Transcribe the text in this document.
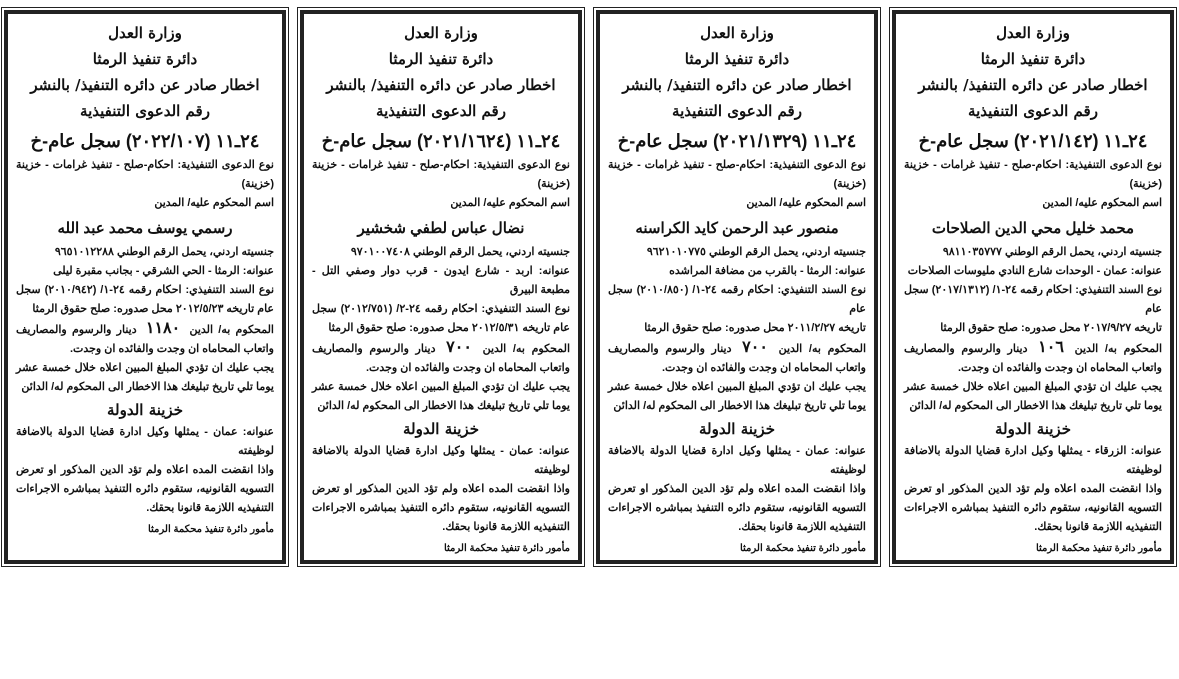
وزارة العدل
دائرة تنفيذ الرمثا
اخطار صادر عن دائره التنفيذ/ بالنشر
رقم الدعوى التنفيذية
٢٤ـ١١ (٢٠٢٢/١٠٧) سجل عام-خ
نوع الدعوى التنفيذية: احكام-صلح - تنفيذ غرامات - خزينة (خزينة)
اسم المحكوم عليه/ المدين
رسمي يوسف محمد عبد الله
جنسيته اردني، يحمل الرقم الوطني ٩٦٥١٠١٢٢٨٨
عنوانه: الرمثا - الحي الشرقي - بجانب مقبرة ليلى
نوع السند التنفيذي: احكام رقمه ٢٤-١/ (٢٠١٠/٩٤٢) سجل عام تاريخه ٢٠١٢/٥/٢٣ محل صدوره: صلح حقوق الرمثا
المحكوم به/ الدين ١١٨٠ دينار والرسوم والمصاريف واتعاب المحاماه ان وجدت والفائده ان وجدت.
يجب عليك ان تؤدي المبلغ المبين اعلاه خلال خمسة عشر يوما تلي تاريخ تبليغك هذا الاخطار الى المحكوم له/ الدائن
خزينة الدولة
عنوانه: عمان - يمثلها وكيل ادارة قضايا الدولة بالاضافة لوظيفته
واذا انقضت المده اعلاه ولم تؤد الدين المذكور او تعرض التسويه القانونيه، ستقوم دائره التنفيذ بمباشره الاجراءات التنفيذيه اللازمة قانونا بحقك.
مأمور دائرة تنفيذ محكمة الرمثا
وزارة العدل
دائرة تنفيذ الرمثا
اخطار صادر عن دائره التنفيذ/ بالنشر
رقم الدعوى التنفيذية
٢٤ـ١١ (٢٠٢١/١٦٢٤) سجل عام-خ
نوع الدعوى التنفيذية: احكام-صلح - تنفيذ غرامات - خزينة (خزينة)
اسم المحكوم عليه/ المدين
نضال عباس لطفي شخشير
جنسيته اردني، يحمل الرقم الوطني ٩٧٠١٠٠٧٤٠٨
عنوانه: اربد - شارع ايدون - قرب دوار وصفي التل - مطبعة البيرق
نوع السند التنفيذي: احكام رقمه ٢٤-٢/ (٢٠١٢/٧٥١) سجل عام تاريخه ٢٠١٢/٥/٣١ محل صدوره: صلح حقوق الرمثا
المحكوم به/ الدين ٧٠٠ دينار والرسوم والمصاريف واتعاب المحاماه ان وجدت والفائده ان وجدت.
يجب عليك ان تؤدي المبلغ المبين اعلاه خلال خمسة عشر يوما تلي تاريخ تبليغك هذا الاخطار الى المحكوم له/ الدائن
خزينة الدولة
عنوانه: عمان - يمثلها وكيل ادارة قضايا الدولة بالاضافة لوظيفته
واذا انقضت المده اعلاه ولم تؤد الدين المذكور او تعرض التسويه القانونيه، ستقوم دائره التنفيذ بمباشره الاجراءات التنفيذيه اللازمة قانونا بحقك.
مأمور دائرة تنفيذ محكمة الرمثا
وزارة العدل
دائرة تنفيذ الرمثا
اخطار صادر عن دائره التنفيذ/ بالنشر
رقم الدعوى التنفيذية
٢٤ـ١١ (٢٠٢١/١٣٢٩) سجل عام-خ
نوع الدعوى التنفيذية: احكام-صلح - تنفيذ غرامات - خزينة (خزينة)
اسم المحكوم عليه/ المدين
منصور عبد الرحمن كايد الكراسنه
جنسيته اردني، يحمل الرقم الوطني ٩٦٢١٠١٠٧٧٥
عنوانه: الرمثا - بالقرب من مضافة المراشده
نوع السند التنفيذي: احكام رقمه ٢٤-١/ (٢٠١٠/٨٥٠) سجل عام
تاريخه ٢٠١١/٢/٢٧ محل صدوره: صلح حقوق الرمثا
المحكوم به/ الدين ٧٠٠ دينار والرسوم والمصاريف واتعاب المحاماه ان وجدت والفائده ان وجدت.
يجب عليك ان تؤدي المبلغ المبين اعلاه خلال خمسة عشر يوما تلي تاريخ تبليغك هذا الاخطار الى المحكوم له/ الدائن
خزينة الدولة
عنوانه: عمان - يمثلها وكيل ادارة قضايا الدولة بالاضافة لوظيفته
واذا انقضت المده اعلاه ولم تؤد الدين المذكور او تعرض التسويه القانونيه، ستقوم دائره التنفيذ بمباشره الاجراءات التنفيذيه اللازمة قانونا بحقك.
مأمور دائرة تنفيذ محكمة الرمثا
وزارة العدل
دائرة تنفيذ الرمثا
اخطار صادر عن دائره التنفيذ/ بالنشر
رقم الدعوى التنفيذية
٢٤ـ١١ (٢٠٢١/١٤٢) سجل عام-خ
نوع الدعوى التنفيذية: احكام-صلح - تنفيذ غرامات - خزينة (خزينة)
اسم المحكوم عليه/ المدين
محمد خليل محي الدين الصلاحات
جنسيته اردني، يحمل الرقم الوطني ٩٨١١٠٣٥٧٧٧
عنوانه: عمان - الوحدات شارع النادي مليوسات الصلاحات
نوع السند التنفيذي: احكام رقمه ٢٤-١/ (٢٠١٧/١٣١٢) سجل عام
تاريخه ٢٠١٧/٩/٢٧ محل صدوره: صلح حقوق الرمثا
المحكوم به/ الدين ١٠٦ دينار والرسوم والمصاريف واتعاب المحاماه ان وجدت والفائده ان وجدت.
يجب عليك ان تؤدي المبلغ المبين اعلاه خلال خمسة عشر يوما تلي تاريخ تبليغك هذا الاخطار الى المحكوم له/ الدائن
خزينة الدولة
عنوانه: الزرقاء - يمثلها وكيل ادارة قضايا الدولة بالاضافة لوظيفته
واذا انقضت المده اعلاه ولم تؤد الدين المذكور او تعرض التسويه القانونيه، ستقوم دائره التنفيذ بمباشره الاجراءات التنفيذيه اللازمة قانونا بحقك.
مأمور دائرة تنفيذ محكمة الرمثا
